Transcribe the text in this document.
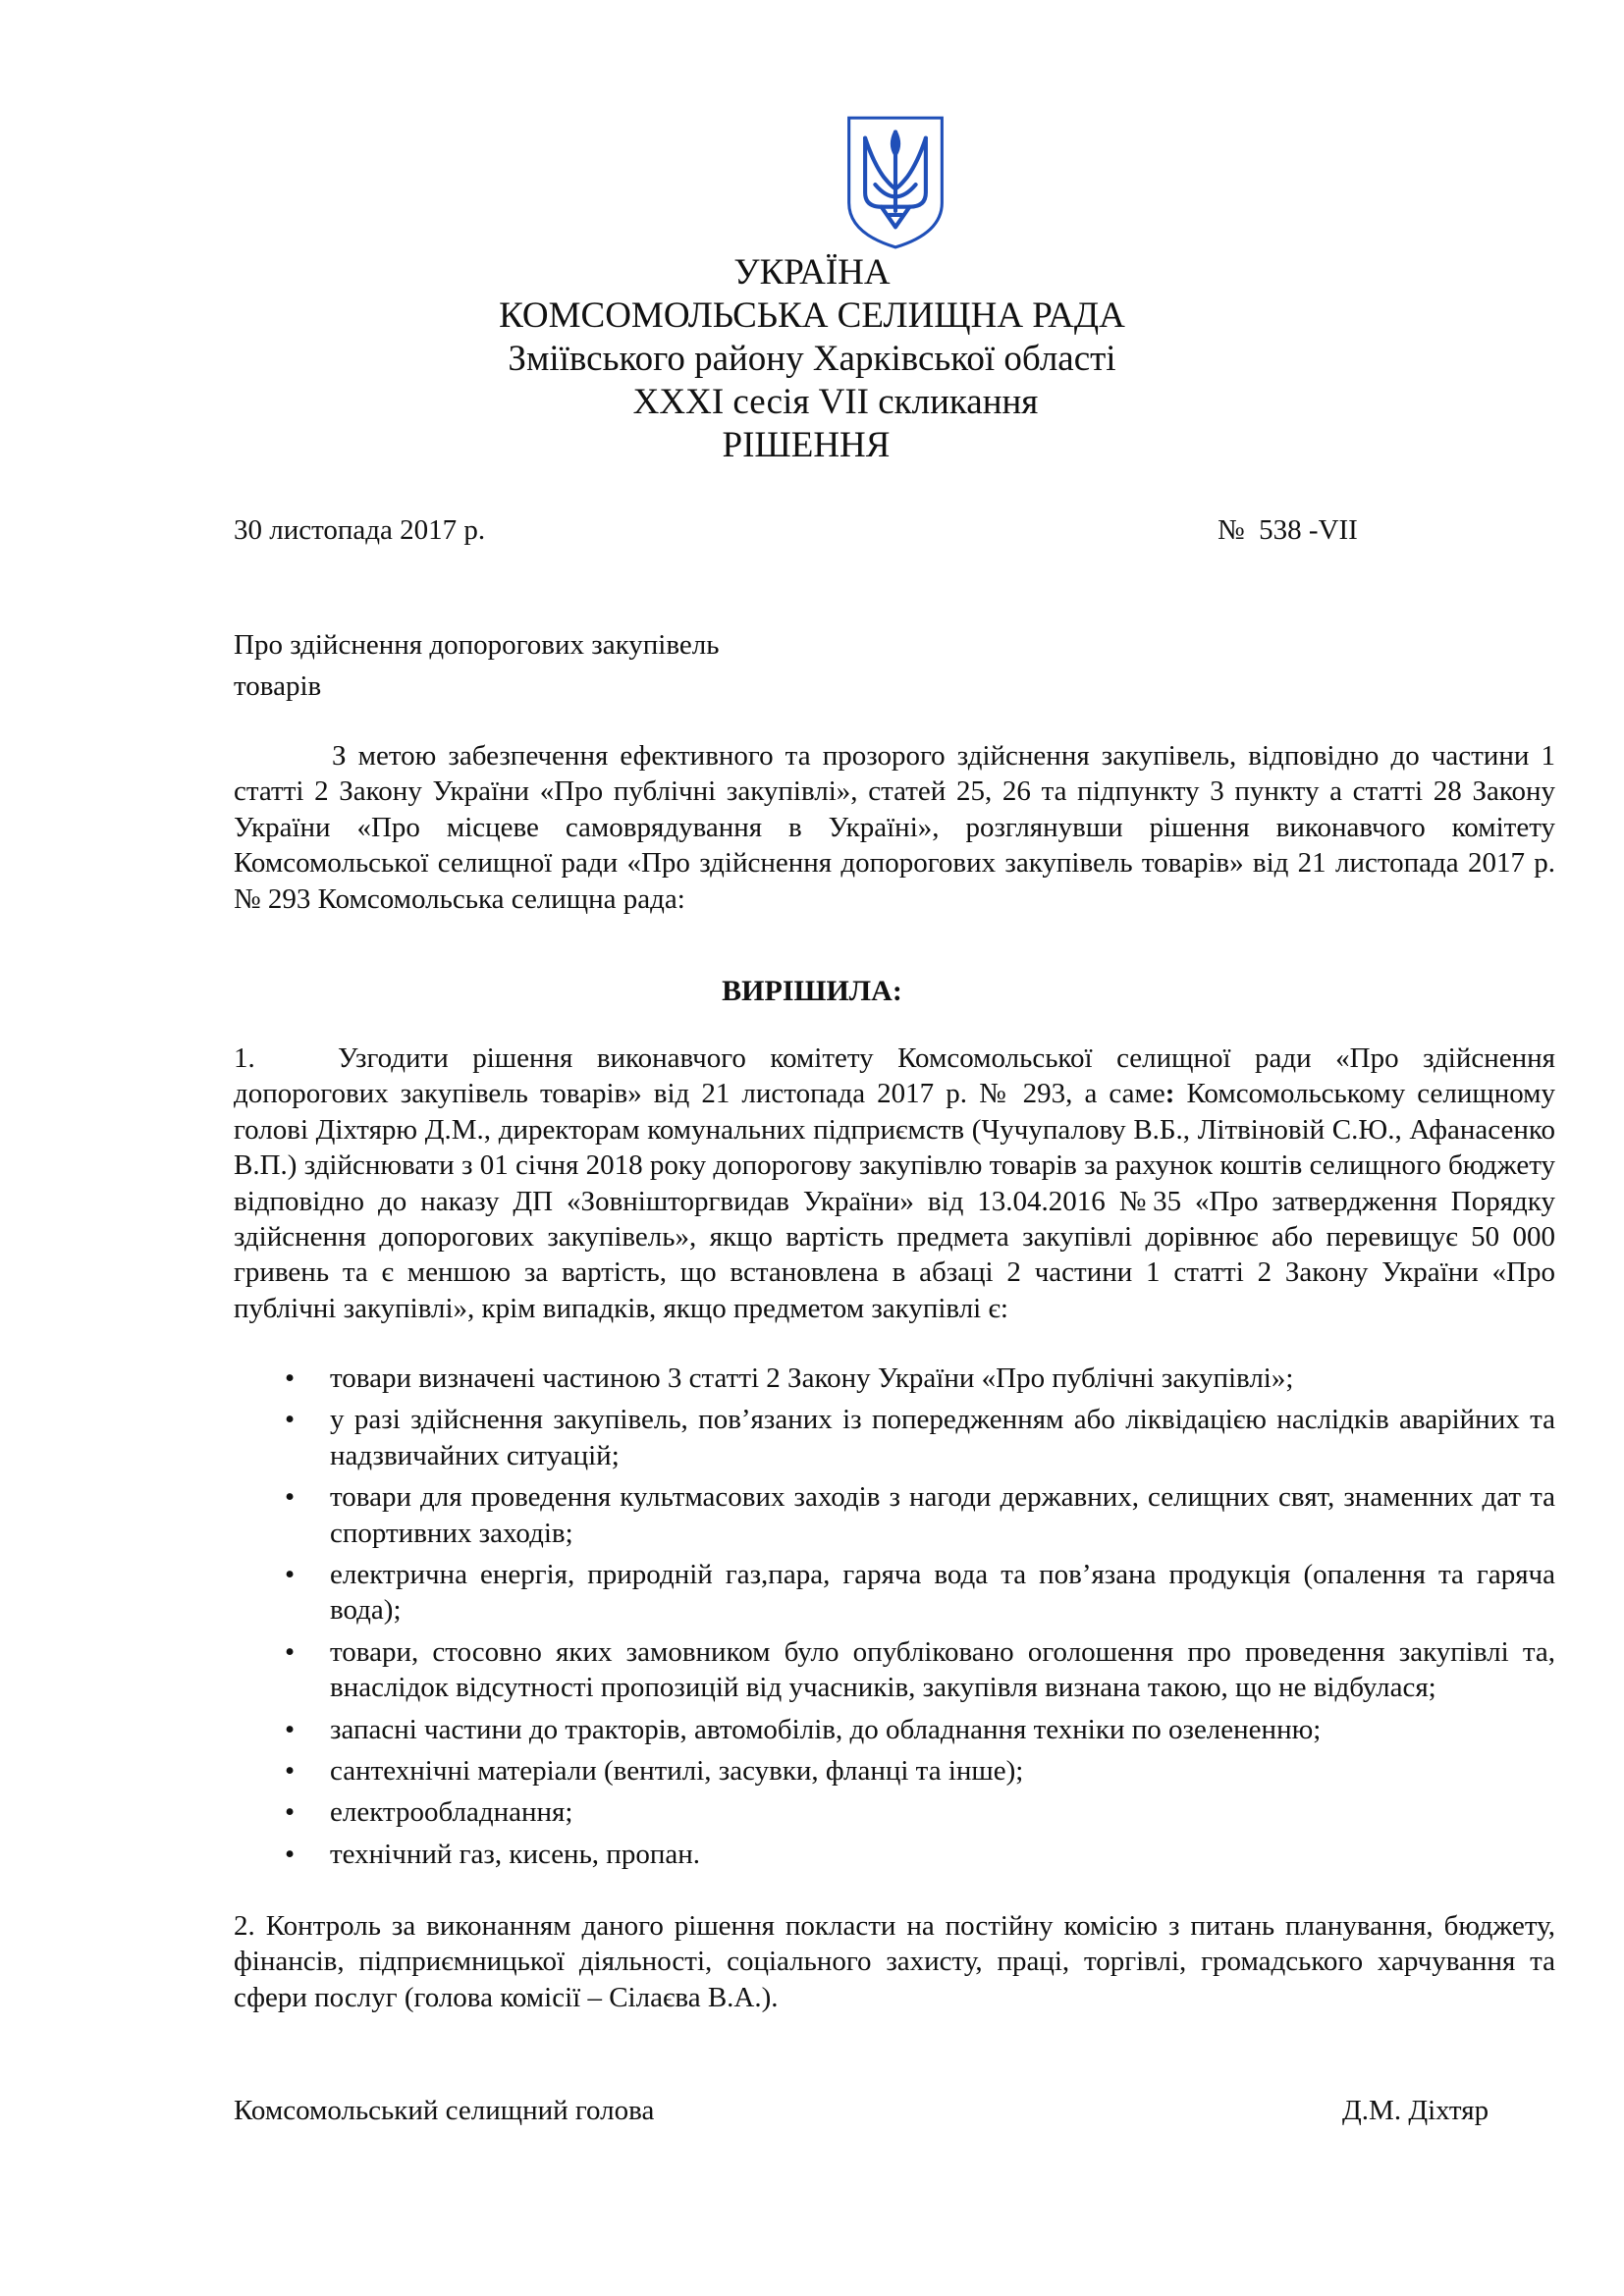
УКРАЇНА
КОМСОМОЛЬСЬКА СЕЛИЩНА РАДА
Зміївського району Харківської області
XXXI сесія VII скликання
РІШЕННЯ
30 листопада 2017 р.	№  538 -VII
Про здійснення допорогових закупівель
товарів
З метою забезпечення ефективного та прозорого здійснення закупівель, відповідно до частини 1 статті 2 Закону України «Про публічні закупівлі», статей 25, 26 та підпункту 3 пункту а статті 28 Закону України «Про місцеве самоврядування в Україні», розглянувши рішення виконавчого комітету Комсомольської селищної ради «Про здійснення допорогових закупівель товарів» від 21 листопада 2017 р. № 293 Комсомольська селищна рада:
ВИРІШИЛА:
1.	Узгодити рішення виконавчого комітету Комсомольської селищної ради «Про здійснення допорогових закупівель товарів» від 21 листопада 2017 р. № 293, а саме: Комсомольському селищному голові Діхтярю Д.М., директорам комунальних підприємств (Чучупалову В.Б., Літвіновій С.Ю., Афанасенко В.П.) здійснювати з 01 січня 2018 року допорогову закупівлю товарів за рахунок коштів селищного бюджету відповідно до наказу ДП «Зовнішторгвидав України» від 13.04.2016 №35 «Про затвердження Порядку здійснення допорогових закупівель», якщо вартість предмета закупівлі дорівнює або перевищує 50 000 гривень та є меншою за вартість, що встановлена в абзаці 2 частини 1 статті 2 Закону України «Про публічні закупівлі», крім випадків, якщо предметом закупівлі є:
• товари визначені частиною 3 статті 2 Закону України «Про публічні закупівлі»;
• у разі здійснення закупівель, пов’язаних із попередженням або ліквідацією наслідків аварійних та надзвичайних ситуацій;
• товари для проведення культмасових заходів з нагоди державних, селищних свят, знаменних дат та спортивних заходів;
• електрична енергія, природній газ,пара, гаряча вода та пов’язана продукція (опалення та гаряча вода);
• товари, стосовно яких замовником було опубліковано оголошення про проведення закупівлі та, внаслідок відсутності пропозицій від учасників, закупівля визнана такою, що не відбулася;
• запасні частини до тракторів, автомобілів, до обладнання техніки по озелененню;
• сантехнічні матеріали (вентилі, засувки, фланці та інше);
• електрообладнання;
• технічний газ, кисень, пропан.
2. Контроль за виконанням даного рішення покласти на постійну комісію з питань планування, бюджету, фінансів, підприємницької діяльності, соціального захисту, праці, торгівлі, громадського харчування та сфери послуг (голова комісії – Сілаєва В.А.).
Комсомольський селищний голова	Д.М. Діхтяр
